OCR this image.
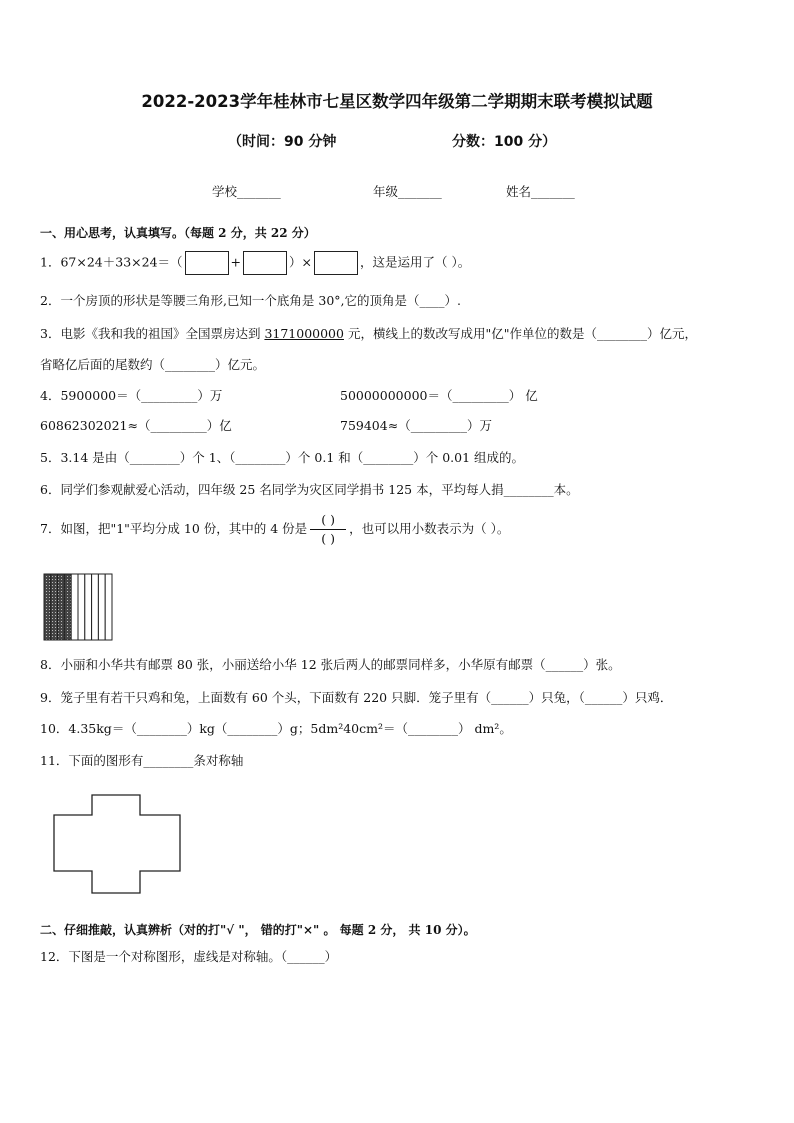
2022-2023学年桂林市七星区数学四年级第二学期期末联考模拟试题
（时间：90 分钟	分数：100 分）
学校_______	年级_______	姓名_______
一、用心思考，认真填写。（每题 2 分，共 22 分）
1．67×24＋33×24＝（	+	）×	，这是运用了（ ）。
2．一个房顶的形状是等腰三角形,已知一个底角是 30°,它的顶角是（____）.
3．电影《我和我的祖国》全国票房达到 3171000000 元，横线上的数改写成用"亿"作单位的数是（________）亿元，
省略亿后面的尾数约（________）亿元。
4．5900000＝（_________）万	50000000000＝（_________） 亿
60862302021≈（_________）亿	759404≈（_________）万
5．3.14 是由（________）个 1、（________）个 0.1 和（________）个 0.01 组成的。
6．同学们参观献爱心活动，四年级 25 名同学为灾区同学捐书 125 本，平均每人捐________本。
7．如图，把"1"平均分成 10 份，其中的 4 份是 $\frac{( )}{( )}$ ，也可以用小数表示为（ ）。
8．小丽和小华共有邮票 80 张，小丽送给小华 12 张后两人的邮票同样多，小华原有邮票（______）张。
9．笼子里有若干只鸡和兔，上面数有 60 个头，下面数有 220 只脚．笼子里有（______）只兔，（______）只鸡．
10．4.35kg＝（________）kg（________）g；5dm²40cm²＝（________） dm²。
11．下面的图形有________条对称轴
二、仔细推敲，认真辨析（对的打"√ "， 错的打"×" 。 每题 2 分， 共 10 分）。
12．下图是一个对称图形，虚线是对称轴。（______）
